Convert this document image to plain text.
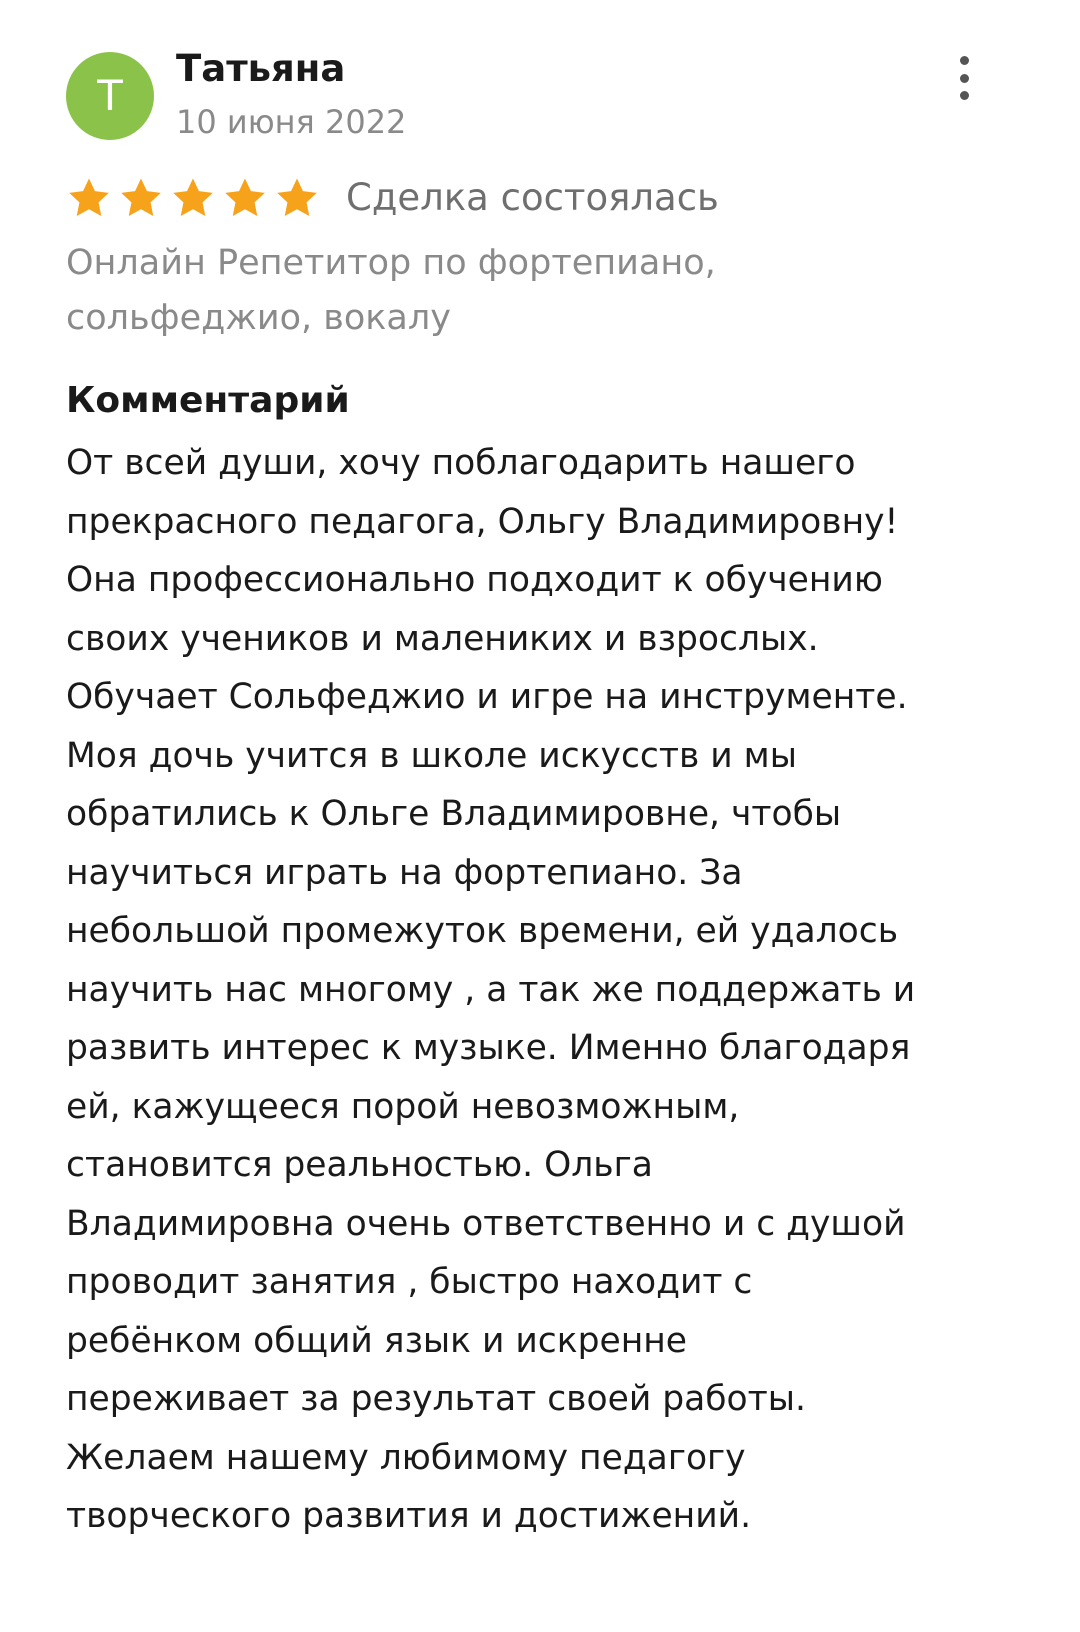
Т
Татьяна
10 июня 2022
Сделка состоялась
Онлайн Репетитор по фортепиано,
сольфеджио, вокалу
Комментарий
От всей души, хочу поблагодарить нашего
прекрасного педагога, Ольгу Владимировну!
Она профессионально подходит к обучению
своих учеников и малениких и взрослых.
Обучает Сольфеджио и игре на инструменте.
Моя дочь учится в школе искусств и мы
обратились к Ольге Владимировне, чтобы
научиться играть на фортепиано. За
небольшой промежуток времени, ей удалось
научить нас многому , а так же поддержать и
развить интерес к музыке. Именно благодаря
ей, кажущееся порой невозможным,
становится реальностью. Ольга
Владимировна очень ответственно и с душой
проводит занятия , быстро находит с
ребёнком общий язык и искренне
переживает за результат своей работы.
Желаем нашему любимому педагогу
творческого развития и достижений.
